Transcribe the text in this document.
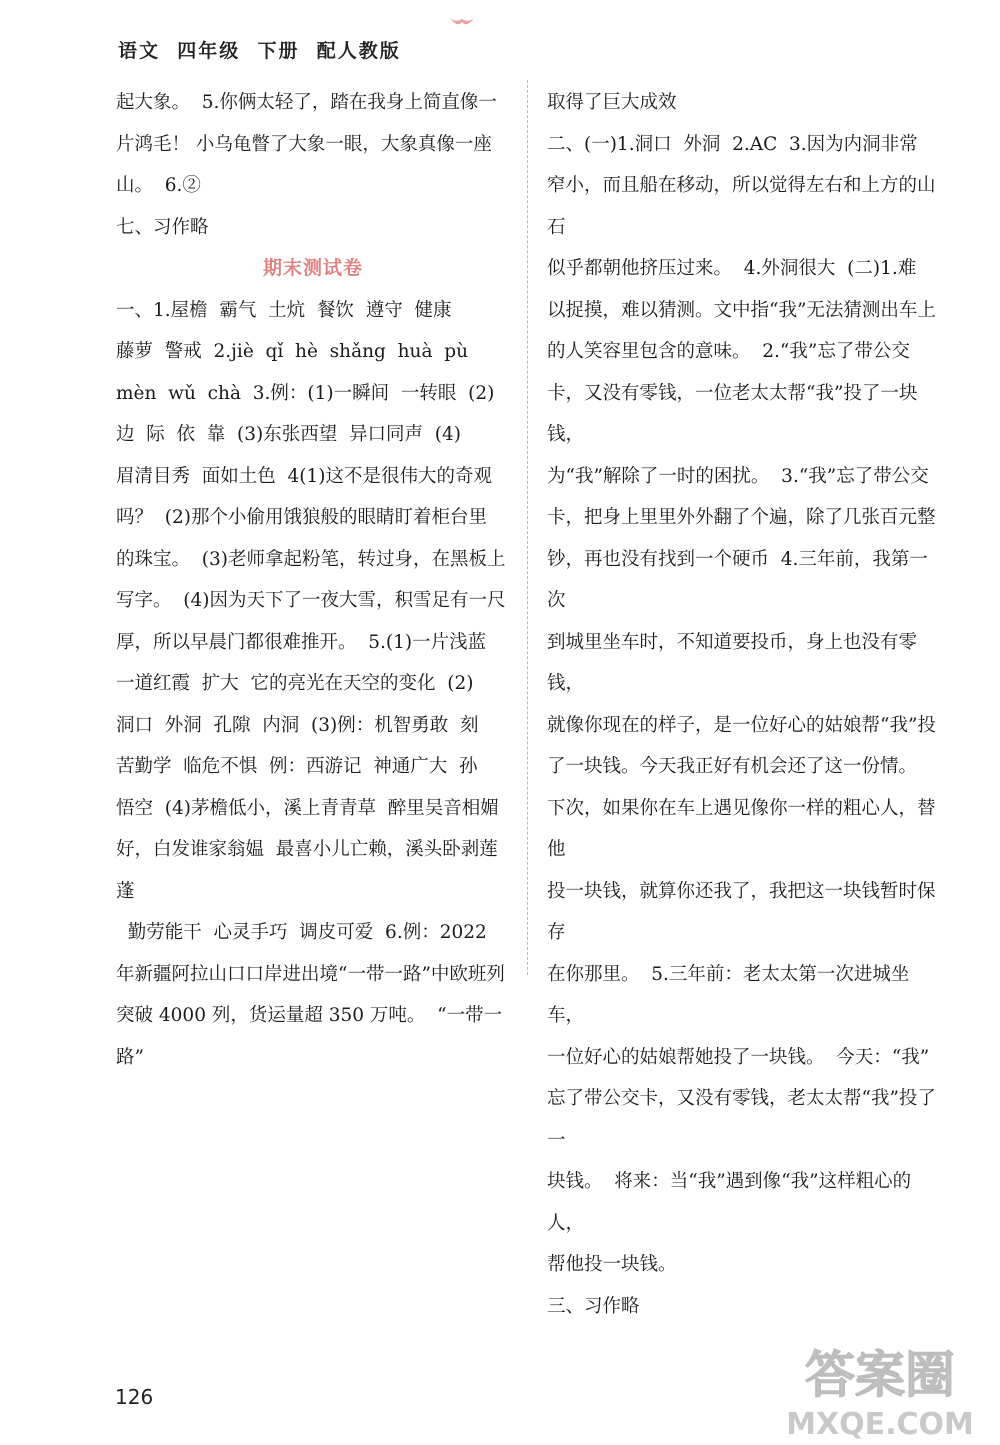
语文  四年级  下册  配人教版

起大象。  5.你俩太轻了，踏在我身上简直像一

片鸿毛！ 小乌龟瞥了大象一眼，大象真像一座

山。  6.②

七、习作略

期末测试卷

一、1.屋檐  霸气  土炕  餐饮  遵守  健康

藤萝  警戒  2.jiè  qǐ  hè  shǎng  huà  pù

mèn  wǔ  chà  3.例：(1)一瞬间  一转眼  (2)

边  际  依  靠  (3)东张西望  异口同声  (4)

眉清目秀  面如土色  4(1)这不是很伟大的奇观

吗？  (2)那个小偷用饿狼般的眼睛盯着柜台里

的珠宝。  (3)老师拿起粉笔，转过身，在黑板上

写字。  (4)因为天下了一夜大雪，积雪足有一尺

厚，所以早晨门都很难推开。  5.(1)一片浅蓝

一道红霞  扩大  它的亮光在天空的变化  (2)

洞口  外洞  孔隙  内洞  (3)例：机智勇敢  刻

苦勤学  临危不惧  例：西游记  神通广大  孙

悟空  (4)茅檐低小，溪上青青草  醉里吴音相媚

好，白发谁家翁媪  最喜小儿亡赖，溪头卧剥莲蓬

勤劳能干  心灵手巧  调皮可爱  6.例：2022

年新疆阿拉山口口岸进出境“一带一路”中欧班列

突破 4000 列，货运量超 350 万吨。  “一带一路”

取得了巨大成效

二、(一)1.洞口  外洞  2.AC  3.因为内洞非常

窄小，而且船在移动，所以觉得左右和上方的山石

似乎都朝他挤压过来。  4.外洞很大  (二)1.难

以捉摸，难以猜测。文中指“我”无法猜测出车上

的人笑容里包含的意味。  2.“我”忘了带公交

卡，又没有零钱，一位老太太帮“我”投了一块钱，

为“我”解除了一时的困扰。  3.“我”忘了带公交

卡，把身上里里外外翻了个遍，除了几张百元整

钞，再也没有找到一个硬币  4.三年前，我第一次

到城里坐车时，不知道要投币，身上也没有零钱，

就像你现在的样子，是一位好心的姑娘帮“我”投

了一块钱。今天我正好有机会还了这一份情。

下次，如果你在车上遇见像你一样的粗心人，替他

投一块钱，就算你还我了，我把这一块钱暂时保存

在你那里。  5.三年前：老太太第一次进城坐车，

一位好心的姑娘帮她投了一块钱。  今天：“我”

忘了带公交卡，又没有零钱，老太太帮“我”投了一

块钱。  将来：当“我”遇到像“我”这样粗心的人，

帮他投一块钱。

三、习作略

126	答案圈
MXQE.COM
